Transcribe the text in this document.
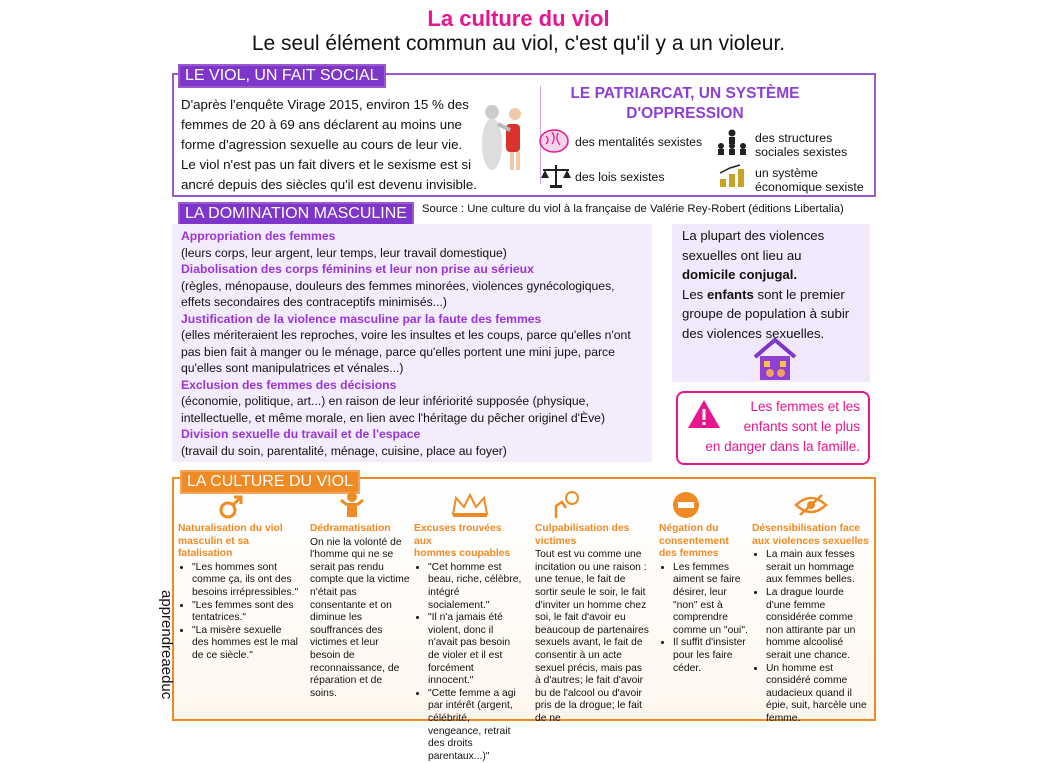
La culture du viol
Le seul élément commun au viol, c'est qu'il y a un violeur.
LE VIOL, UN FAIT SOCIAL
D'après l'enquête Virage 2015, environ 15 % des
femmes de 20 à 69 ans déclarent au moins une
forme d'agression sexuelle au cours de leur vie.
Le viol n'est pas un fait divers et le sexisme est si
ancré depuis des siècles qu'il est devenu invisible.
LE PATRIARCAT, UN SYSTÈME
D'OPPRESSION
des mentalités sexistes	des structures
sociales sexistes
des lois sexistes	un système
économique sexiste
LA DOMINATION MASCULINE	Source : Une culture du viol à la française de Valérie Rey-Robert (éditions Libertalia)
Appropriation des femmes
(leurs corps, leur argent, leur temps, leur travail domestique)
Diabolisation des corps féminins et leur non prise au sérieux
(règles, ménopause, douleurs des femmes minorées, violences gynécologiques,
effets secondaires des contraceptifs minimisés...)
Justification de la violence masculine par la faute des femmes
(elles mériteraient les reproches, voire les insultes et les coups, parce qu'elles n'ont
pas bien fait à manger ou le ménage, parce qu'elles portent une mini jupe, parce
qu'elles sont manipulatrices et vénales...)
Exclusion des femmes des décisions
(économie, politique, art...) en raison de leur infériorité supposée (physique,
intellectuelle, et même morale, en lien avec l'héritage du pêcher originel d'Ève)
Division sexuelle du travail et de l'espace
(travail du soin, parentalité, ménage, cuisine, place au foyer)
La plupart des violences
sexuelles ont lieu au
domicile conjugal.
Les enfants sont le premier
groupe de population à subir
des violences sexuelles.
Les femmes et les
enfants sont le plus
en danger dans la famille.
LA CULTURE DU VIOL
apprendreaeduc
Naturalisation du viol
masculin et sa fatalisation
• "Les hommes sont comme ça, ils ont des besoins irrépressibles."
• "Les femmes sont des tentatrices."
• "La misère sexuelle des hommes est le mal de ce siècle."
Dédramatisation

On nie la volonté de l'homme qui ne se serait pas rendu compte que la victime n'était pas consentante et on diminue les souffrances des victimes et leur besoin de reconnaissance, de réparation et de soins.

Excuses trouvées aux
hommes coupables
• "Cet homme est beau, riche, célèbre, intégré socialement."
• "Il n'a jamais été violent, donc il n'avait pas besoin de violer et il est forcément innocent."
• "Cette femme a agi par intérêt (argent, célébrité, vengeance, retrait des droits parentaux...)"
Culpabilisation des
victimes

Tout est vu comme une incitation ou une raison : une tenue, le fait de sortir seule le soir, le fait d'inviter un homme chez soi, le fait d'avoir eu beaucoup de partenaires sexuels avant, le fait de consentir à un acte sexuel précis, mais pas à d'autres; le fait d'avoir bu de l'alcool ou d'avoir pris de la drogue; le fait de ne

Négation du
consentement
des femmes
• Les femmes aiment se faire désirer, leur "non" est à comprendre comme un "oui".
• Il suffit d'insister pour les faire céder.
Désensibilisation face
aux violences sexuelles
• La main aux fesses serait un hommage aux femmes belles.
• La drague lourde d'une femme considérée comme non attirante par un homme alcoolisé serait une chance.
• Un homme est considéré comme audacieux quand il épie, suit, harcèle une femme.
